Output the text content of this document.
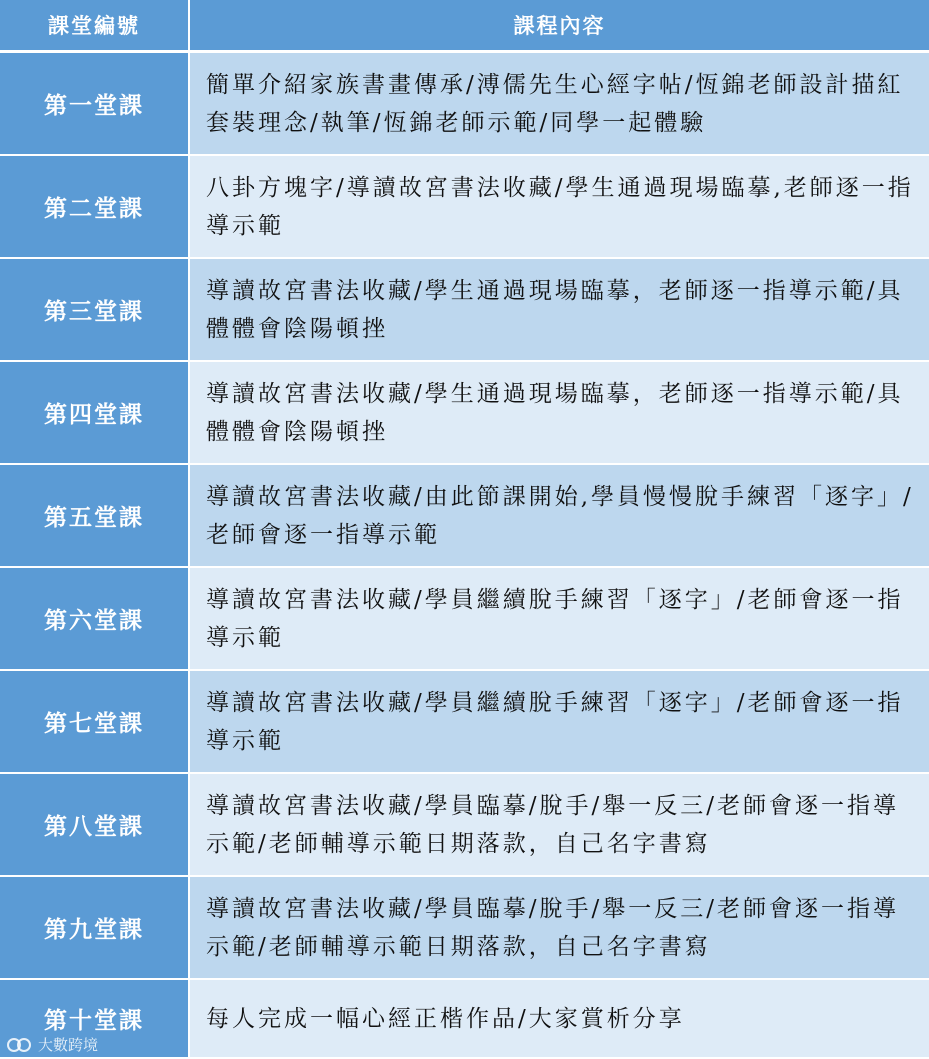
課堂編號	課程內容
第一堂課	簡單介紹家族書畫傳承/溥儒先生心經字帖/恆錦老師設計描紅套裝理念/執筆/恆錦老師示範/同學一起體驗
第二堂課	八卦方塊字/導讀故宮書法收藏/學生通過現場臨摹,老師逐一指導示範
第三堂課	導讀故宮書法收藏/學生通過現場臨摹，老師逐一指導示範/具體體會陰陽頓挫
第四堂課	導讀故宮書法收藏/學生通過現場臨摹，老師逐一指導示範/具體體會陰陽頓挫
第五堂課	導讀故宮書法收藏/由此節課開始,學員慢慢脫手練習「逐字」/老師會逐一指導示範
第六堂課	導讀故宮書法收藏/學員繼續脫手練習「逐字」/老師會逐一指導示範
第七堂課	導讀故宮書法收藏/學員繼續脫手練習「逐字」/老師會逐一指導示範
第八堂課	導讀故宮書法收藏/學員臨摹/脫手/舉一反三/老師會逐一指導示範/老師輔導示範日期落款，自己名字書寫
第九堂課	導讀故宮書法收藏/學員臨摹/脫手/舉一反三/老師會逐一指導示範/老師輔導示範日期落款，自己名字書寫
第十堂課	每人完成一幅心經正楷作品/大家賞析分享
大數跨境
